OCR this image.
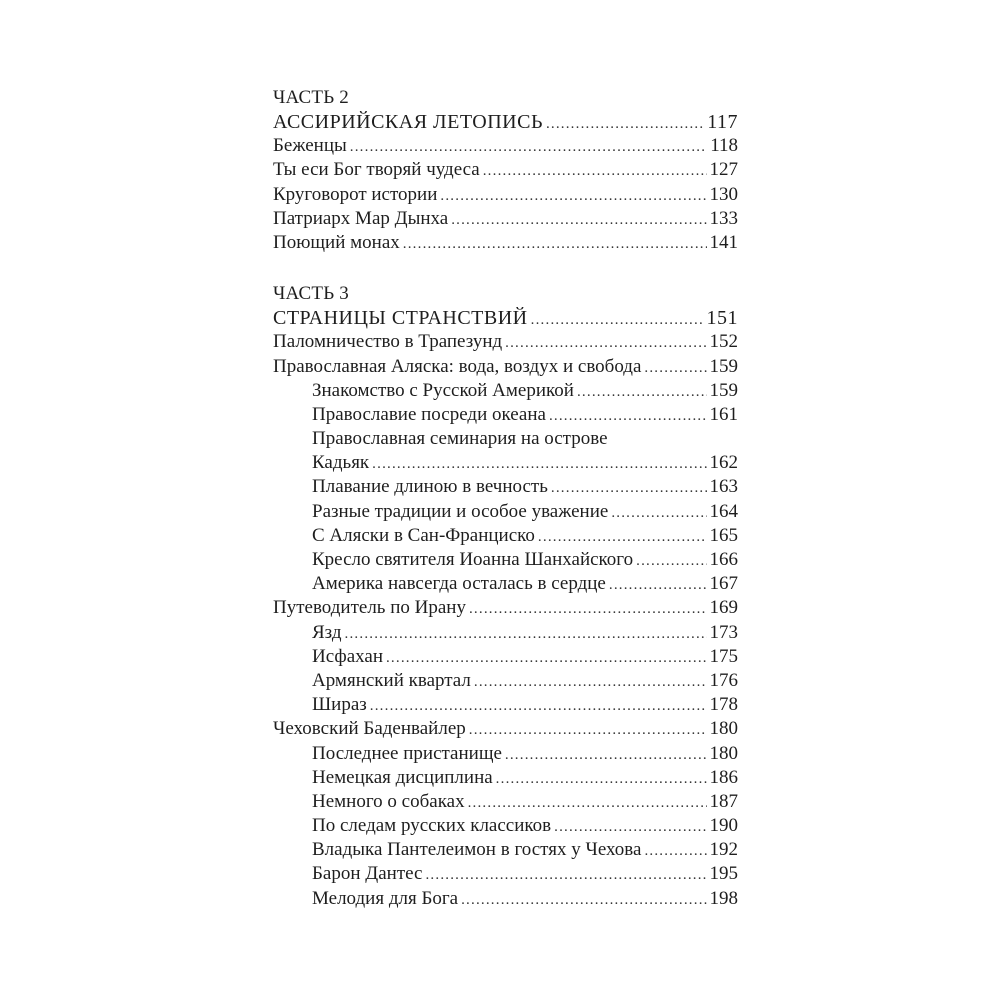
ЧАСТЬ 2
АССИРИЙСКАЯ ЛЕТОПИСЬ .....	117
Беженцы .....	118
Ты еси Бог творяй чудеса .....	127
Круговорот истории .....	130
Патриарх Мар Дынха .....	133
Поющий монах .....	141
ЧАСТЬ 3
СТРАНИЦЫ СТРАНСТВИЙ .....	151
Паломничество в Трапезунд .....	152
Православная Аляска: вода, воздух и свобода .....	159
Знакомство с Русской Америкой .....	159
Православие посреди океана .....	161
Православная семинария на острове
Кадьяк .....	162
Плавание длиною в вечность .....	163
Разные традиции и особое уважение .....	164
С Аляски в Сан-Франциско .....	165
Кресло святителя Иоанна Шанхайского .....	166
Америка навсегда осталась в сердце .....	167
Путеводитель по Ирану .....	169
Язд .....	173
Исфахан .....	175
Армянский квартал .....	176
Шираз .....	178
Чеховский Баденвайлер .....	180
Последнее пристанище .....	180
Немецкая дисциплина .....	186
Немного о собаках .....	187
По следам русских классиков .....	190
Владыка Пантелеимон в гостях у Чехова .....	192
Барон Дантес .....	195
Мелодия для Бога .....	198
